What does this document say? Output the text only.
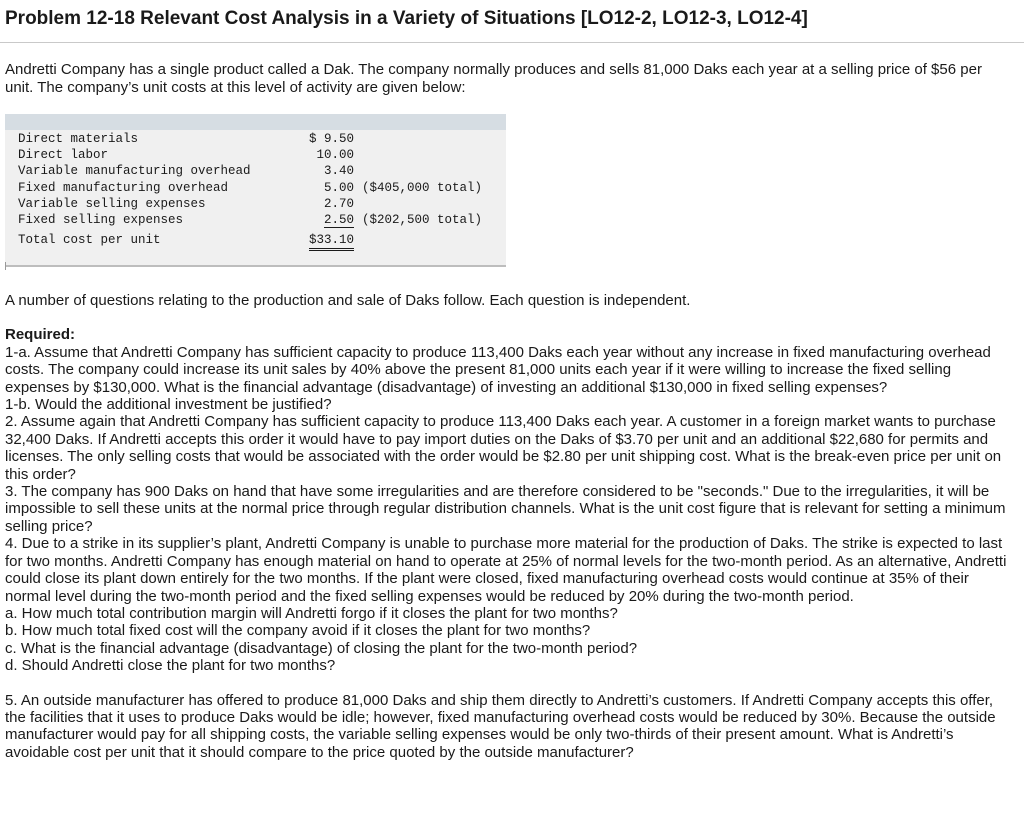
Problem 12-18 Relevant Cost Analysis in a Variety of Situations [LO12-2, LO12-3, LO12-4]

Andretti Company has a single product called a Dak. The company normally produces and sells 81,000 Daks each year at a selling price of $56 per unit. The company’s unit costs at this level of activity are given below:

Direct materials	$ 9.50	
Direct labor	10.00	
Variable manufacturing overhead	3.40	
Fixed manufacturing overhead	5.00	($405,000 total)
Variable selling expenses	2.70	
Fixed selling expenses	2.50	($202,500 total)
Total cost per unit	$33.10	

A number of questions relating to the production and sale of Daks follow. Each question is independent.

Required:

1-a. Assume that Andretti Company has sufficient capacity to produce 113,400 Daks each year without any increase in fixed manufacturing overhead costs. The company could increase its unit sales by 40% above the present 81,000 units each year if it were willing to increase the fixed selling expenses by $130,000. What is the financial advantage (disadvantage) of investing an additional $130,000 in fixed selling expenses?

1-b. Would the additional investment be justified?

2. Assume again that Andretti Company has sufficient capacity to produce 113,400 Daks each year. A customer in a foreign market wants to purchase 32,400 Daks. If Andretti accepts this order it would have to pay import duties on the Daks of $3.70 per unit and an additional $22,680 for permits and licenses. The only selling costs that would be associated with the order would be $2.80 per unit shipping cost. What is the break-even price per unit on this order?

3. The company has 900 Daks on hand that have some irregularities and are therefore considered to be "seconds." Due to the irregularities, it will be impossible to sell these units at the normal price through regular distribution channels. What is the unit cost figure that is relevant for setting a minimum selling price?

4. Due to a strike in its supplier’s plant, Andretti Company is unable to purchase more material for the production of Daks. The strike is expected to last for two months. Andretti Company has enough material on hand to operate at 25% of normal levels for the two-month period. As an alternative, Andretti could close its plant down entirely for the two months. If the plant were closed, fixed manufacturing overhead costs would continue at 35% of their normal level during the two-month period and the fixed selling expenses would be reduced by 20% during the two-month period.

a. How much total contribution margin will Andretti forgo if it closes the plant for two months?

b. How much total fixed cost will the company avoid if it closes the plant for two months?

c. What is the financial advantage (disadvantage) of closing the plant for the two-month period?

d. Should Andretti close the plant for two months?

5. An outside manufacturer has offered to produce 81,000 Daks and ship them directly to Andretti’s customers. If Andretti Company accepts this offer, the facilities that it uses to produce Daks would be idle; however, fixed manufacturing overhead costs would be reduced by 30%. Because the outside manufacturer would pay for all shipping costs, the variable selling expenses would be only two-thirds of their present amount. What is Andretti’s avoidable cost per unit that it should compare to the price quoted by the outside manufacturer?
